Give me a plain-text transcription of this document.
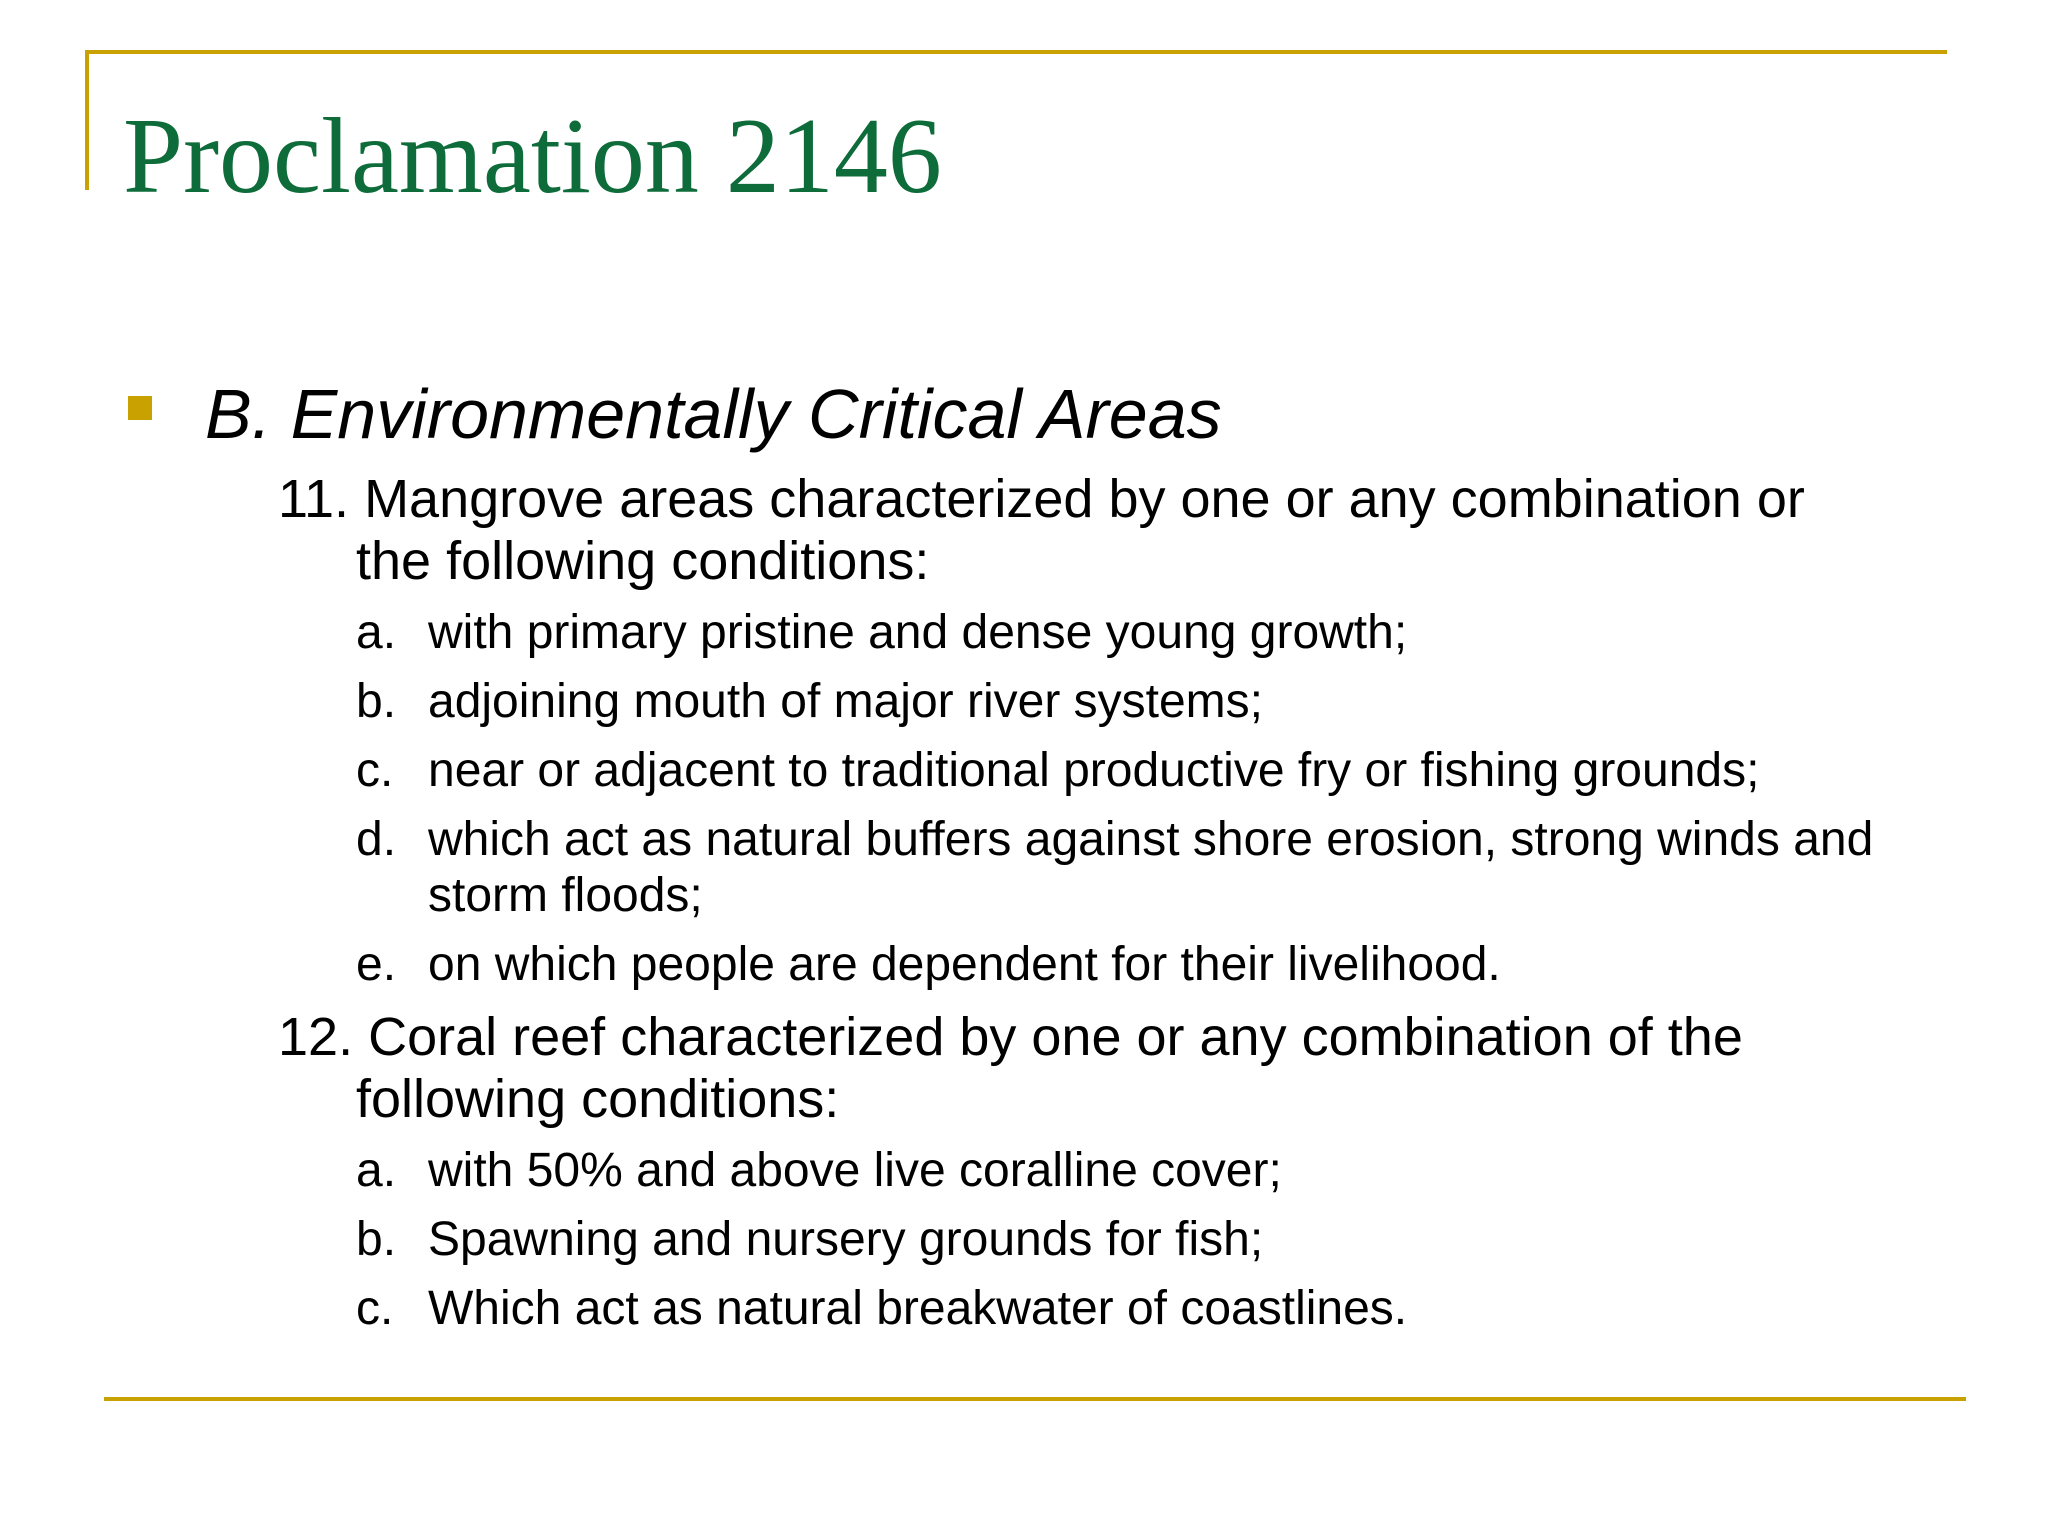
Proclamation 2146
B. Environmentally Critical Areas
11. Mangrove areas characterized by one or any combination or
the following conditions:
a. with primary pristine and dense young growth;
b. adjoining mouth of major river systems;
c. near or adjacent to traditional productive fry or fishing grounds;
d. which act as natural buffers against shore erosion, strong winds and storm floods;
e. on which people are dependent for their livelihood.
12. Coral reef characterized by one or any combination of the
following conditions:
a. with 50% and above live coralline cover;
b. Spawning and nursery grounds for fish;
c. Which act as natural breakwater of coastlines.
